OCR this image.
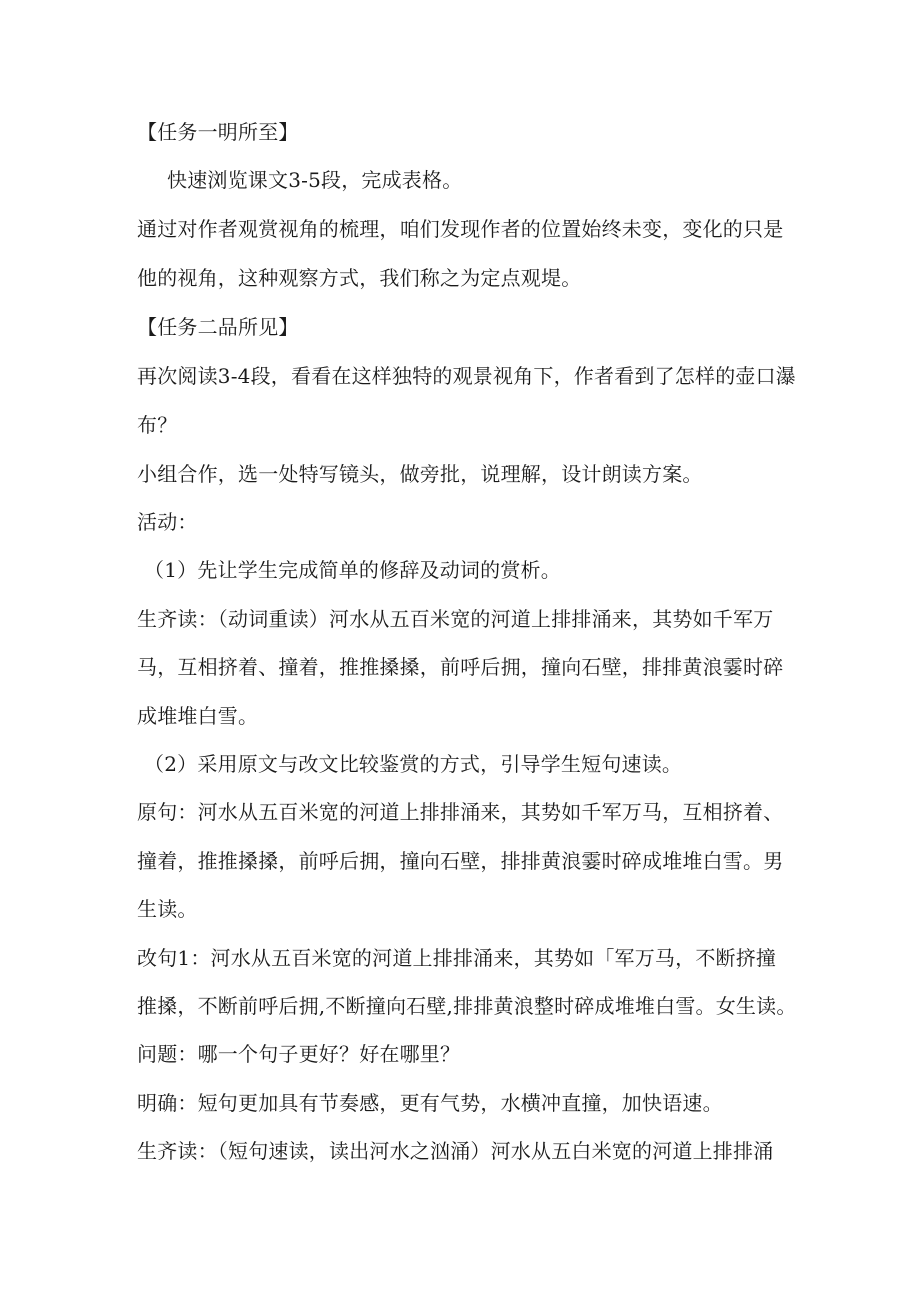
【任务一明所至】
快速浏览课文3-5段，完成表格。
通过对作者观赏视角的梳理，咱们发现作者的位置始终未变，变化的只是
他的视角，这种观察方式，我们称之为定点观堤。
【任务二品所见】
再次阅读3-4段，看看在这样独特的观景视角下，作者看到了怎样的壶口瀑
布？
小组合作，选一处特写镜头，做旁批，说理解，设计朗读方案。
活动：
（1）先让学生完成简单的修辞及动词的赏析。
生齐读：（动词重读）河水从五百米宽的河道上排排涌来，其势如千军万
马，互相挤着、撞着，推推搡搡，前呼后拥，撞向石壁，排排黄浪霎时碎
成堆堆白雪。
（2）采用原文与改文比较鉴赏的方式，引导学生短句速读。
原句：河水从五百米宽的河道上排排涌来，其势如千军万马，互相挤着、
撞着，推推搡搡，前呼后拥，撞向石壁，排排黄浪霎时碎成堆堆白雪。男
生读。
改句1：河水从五百米宽的河道上排排涌来，其势如「军万马，不断挤撞
推搡，不断前呼后拥,不断撞向石壁,排排黄浪整时碎成堆堆白雪。女生读。
问题：哪一个句子更好？好在哪里？
明确：短句更加具有节奏感，更有气势，水横冲直撞，加快语速。
生齐读：（短句速读，读出河水之汹涌）河水从五白米宽的河道上排排涌
